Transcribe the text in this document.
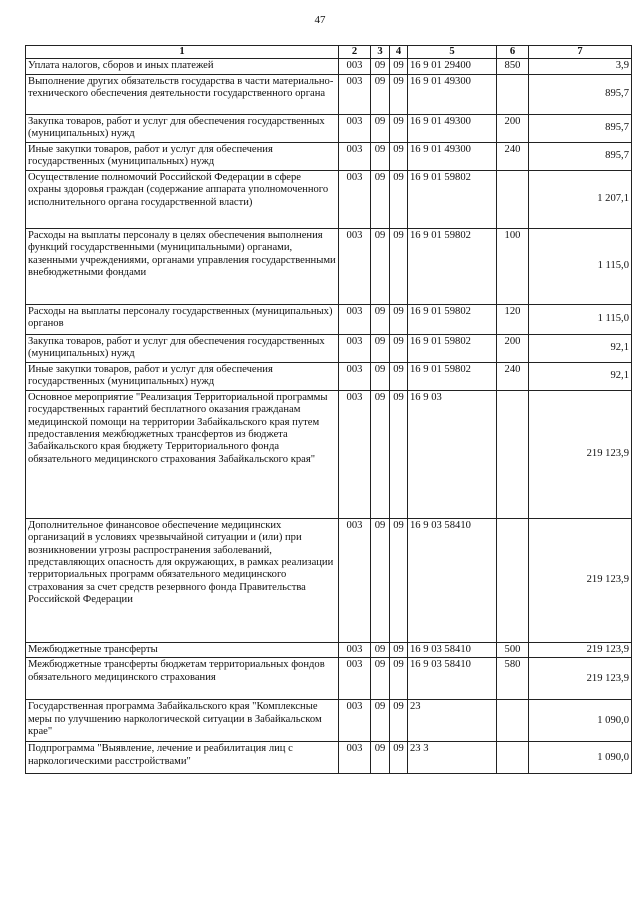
47
1	2	3	4	5	6	7
Уплата налогов, сборов и иных платежей	003	09	09	16 9 01 29400	850	3,9
Выполнение других обязательств государства в части материально-технического обеспечения деятельности государственного органа	003	09	09	16 9 01 49300		895,7
Закупка товаров, работ и услуг для обеспечения государственных (муниципальных) нужд	003	09	09	16 9 01 49300	200	895,7
Иные закупки товаров, работ и услуг для обеспечения государственных (муниципальных) нужд	003	09	09	16 9 01 49300	240	895,7
Осуществление полномочий Российской Федерации в сфере охраны здоровья граждан (содержание аппарата уполномоченного исполнительного органа государственной власти)	003	09	09	16 9 01 59802		1 207,1
Расходы на выплаты персоналу в целях обеспечения выполнения функций государственными (муниципальными) органами, казенными учреждениями, органами управления государственными внебюджетными фондами	003	09	09	16 9 01 59802	100	1 115,0
Расходы на выплаты персоналу государственных (муниципальных) органов	003	09	09	16 9 01 59802	120	1 115,0
Закупка товаров, работ и услуг для обеспечения государственных (муниципальных) нужд	003	09	09	16 9 01 59802	200	92,1
Иные закупки товаров, работ и услуг для обеспечения государственных (муниципальных) нужд	003	09	09	16 9 01 59802	240	92,1
Основное мероприятие "Реализация Территориальной программы государственных гарантий бесплатного оказания гражданам медицинской помощи на территории Забайкальского края путем предоставления межбюджетных трансфертов из бюджета Забайкальского края бюджету Территориального фонда обязательного медицинского страхования Забайкальского края"	003	09	09	16 9 03		219 123,9
Дополнительное финансовое обеспечение медицинских организаций в условиях чрезвычайной ситуации и (или) при возникновении угрозы распространения заболеваний, представляющих опасность для окружающих, в рамках реализации территориальных программ обязательного медицинского страхования за счет средств резервного фонда Правительства Российской Федерации	003	09	09	16 9 03 58410		219 123,9
Межбюджетные трансферты	003	09	09	16 9 03 58410	500	219 123,9
Межбюджетные трансферты бюджетам территориальных фондов обязательного медицинского страхования	003	09	09	16 9 03 58410	580	219 123,9
Государственная программа Забайкальского края "Комплексные меры по улучшению наркологической ситуации в Забайкальском крае"	003	09	09	23		1 090,0
Подпрограмма "Выявление, лечение и реабилитация лиц с наркологическими расстройствами"	003	09	09	23 3		1 090,0
